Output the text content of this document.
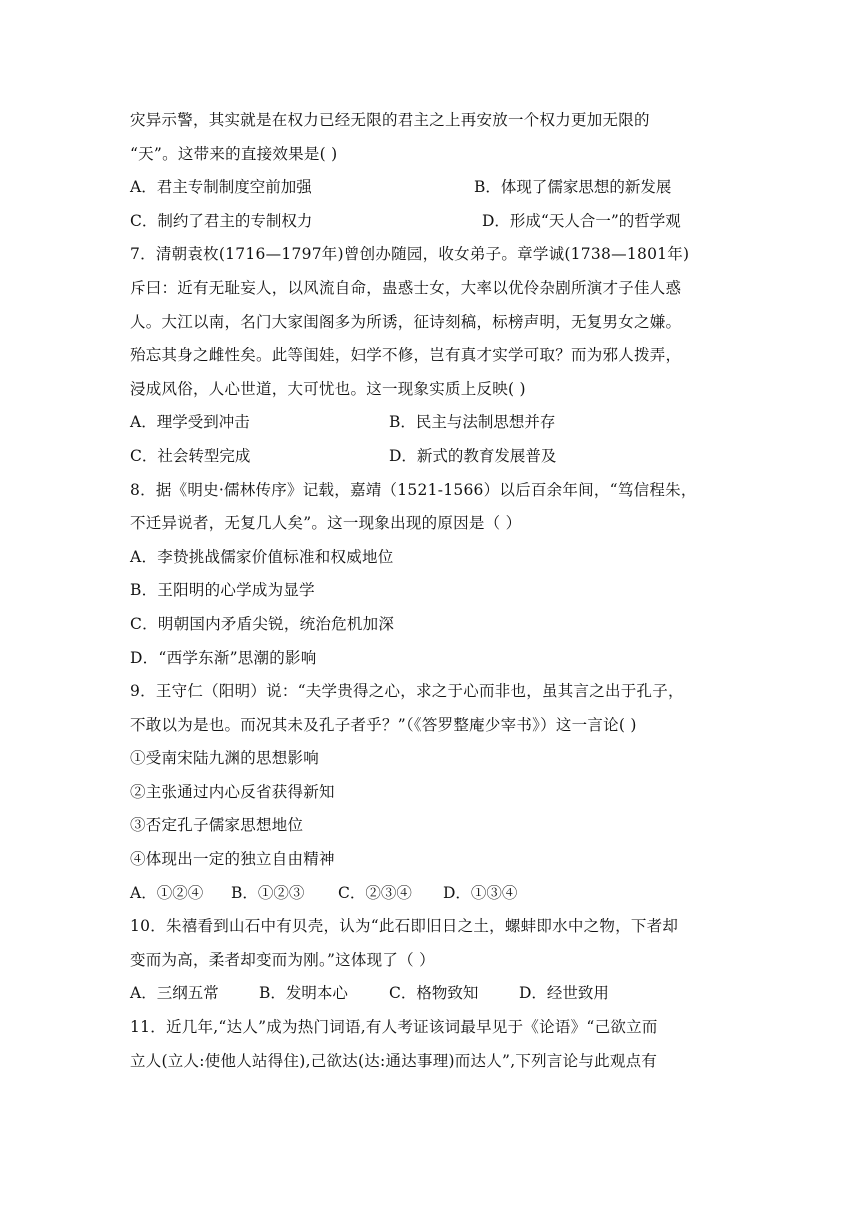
灾异示警，其实就是在权力已经无限的君主之上再安放一个权力更加无限的
“天”。这带来的直接效果是( )
A．君主专制制度空前加强	B．体现了儒家思想的新发展
C．制约了君主的专制权力	D．形成“天人合一”的哲学观
7．清朝袁枚(1716—1797年)曾创办随园，收女弟子。章学诚(1738—1801年)
斥曰：近有无耻妄人，以风流自命，蛊惑士女，大率以优伶杂剧所演才子佳人惑
人。大江以南，名门大家闺阁多为所诱，征诗刻稿，标榜声明，无复男女之嫌。
殆忘其身之雌性矣。此等闺娃，妇学不修，岂有真才实学可取？而为邪人拨弄，
浸成风俗，人心世道，大可忧也。这一现象实质上反映( )
A．理学受到冲击	B．民主与法制思想并存
C．社会转型完成	D．新式的教育发展普及
8．据《明史·儒林传序》记载，嘉靖（1521-1566）以后百余年间，“笃信程朱，
不迁异说者，无复几人矣”。这一现象出现的原因是（ ）
A．李贽挑战儒家价值标准和权威地位
B．王阳明的心学成为显学
C．明朝国内矛盾尖锐，统治危机加深
D．“西学东渐”思潮的影响
9．王守仁（阳明）说：“夫学贵得之心，求之于心而非也，虽其言之出于孔子，
不敢以为是也。而况其未及孔子者乎？”（《答罗整庵少宰书》）这一言论( )
①受南宋陆九渊的思想影响
②主张通过内心反省获得新知
③否定孔子儒家思想地位
④体现出一定的独立自由精神
A．①②④ B．①②③ C．②③④ D．①③④
10．朱禧看到山石中有贝壳，认为“此石即旧日之土，螺蚌即水中之物，下者却
变而为高，柔者却变而为刚。”这体现了（ ）
A．三纲五常	B．发明本心	C．格物致知	D．经世致用
11．近几年,“达人”成为热门词语,有人考证该词最早见于《论语》“己欲立而
立人(立人:使他人站得住),己欲达(达:通达事理)而达人”,下列言论与此观点有
